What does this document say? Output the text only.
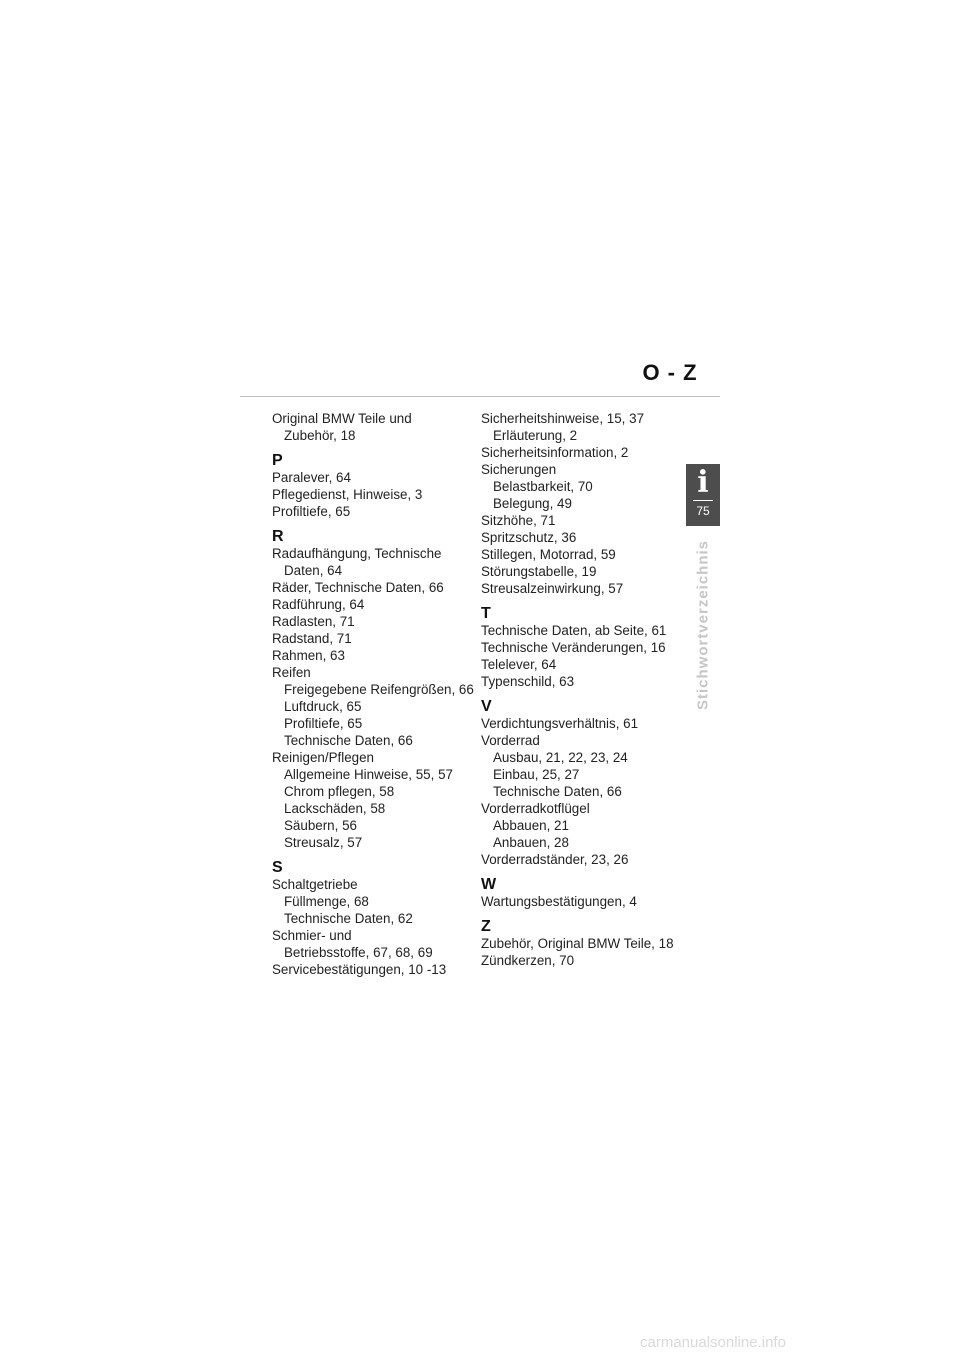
O - Z
Original BMW Teile und
Zubehör, 18
P
Paralever, 64
Pflegedienst, Hinweise, 3
Profiltiefe, 65
R
Radaufhängung, Technische
Daten, 64
Räder, Technische Daten, 66
Radführung, 64
Radlasten, 71
Radstand, 71
Rahmen, 63
Reifen
Freigegebene Reifengrößen, 66
Luftdruck, 65
Profiltiefe, 65
Technische Daten, 66
Reinigen/Pflegen
Allgemeine Hinweise, 55, 57
Chrom pflegen, 58
Lackschäden, 58
Säubern, 56
Streusalz, 57
S
Schaltgetriebe
Füllmenge, 68
Technische Daten, 62
Schmier- und
Betriebsstoffe, 67, 68, 69
Servicebestätigungen, 10 -13
Sicherheitshinweise, 15, 37
Erläuterung, 2
Sicherheitsinformation, 2
Sicherungen
Belastbarkeit, 70
Belegung, 49
Sitzhöhe, 71
Spritzschutz, 36
Stillegen, Motorrad, 59
Störungstabelle, 19
Streusalzeinwirkung, 57
T
Technische Daten, ab Seite, 61
Technische Veränderungen, 16
Telelever, 64
Typenschild, 63
V
Verdichtungsverhältnis, 61
Vorderrad
Ausbau, 21, 22, 23, 24
Einbau, 25, 27
Technische Daten, 66
Vorderradkotflügel
Abbauen, 21
Anbauen, 28
Vorderradständer, 23, 26
W
Wartungsbestätigungen, 4
Z
Zubehör, Original BMW Teile, 18
Zündkerzen, 70
i
75
Stichwortverzeichnis
carmanualsonline.info
